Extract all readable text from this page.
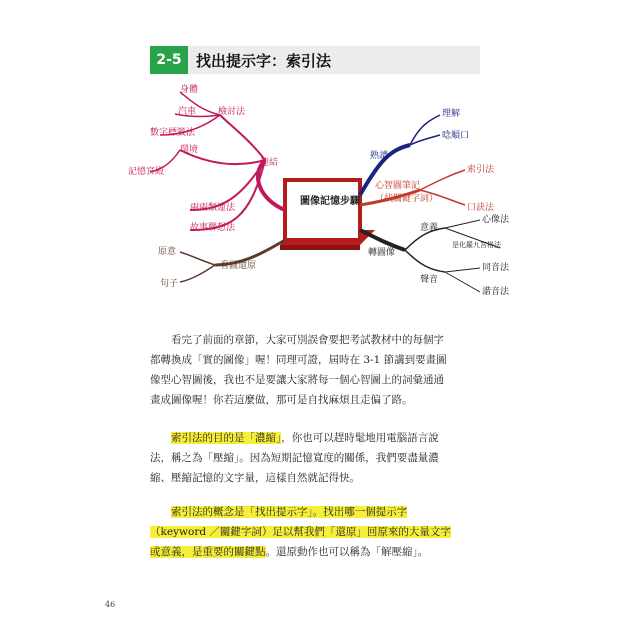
2-5 找出提示字：索引法
圖像記憶步驟
連結
檢討法
兩兩類連法
故事聯想法
身體
汽車
數字標籤法
環境
記憶宮殿
熟讀
理解
唸順口
心智圖筆記（找關鍵字詞）
索引法
口訣法
轉圖像
意義
聲音
心像法
是化羅九宮格法
同音法
諧音法
看圖還原
原意
句子
看完了前面的章節，大家可別誤會要把考試教材中的每個字
都轉換成「實的圖像」喔！同理可證，屆時在 3-1 節講到要畫圖
像型心智圖後，我也不是要讓大家將每一個心智圖上的詞彙通通
畫成圖像喔！你若這麼做，那可是自找麻煩且走偏了路。
索引法的目的是「濃縮」，你也可以趕時髦地用電腦語言說
法，稱之為「壓縮」。因為短期記憶寬度的關係，我們要盡量濃
縮、壓縮記憶的文字量，這樣自然就記得快。
索引法的概念是「找出提示字」。找出哪一個提示字
（keyword ／關鍵字詞）足以幫我們「還原」回原來的大量文字
或意義，是重要的關鍵點。還原動作也可以稱為「解壓縮」。
46
